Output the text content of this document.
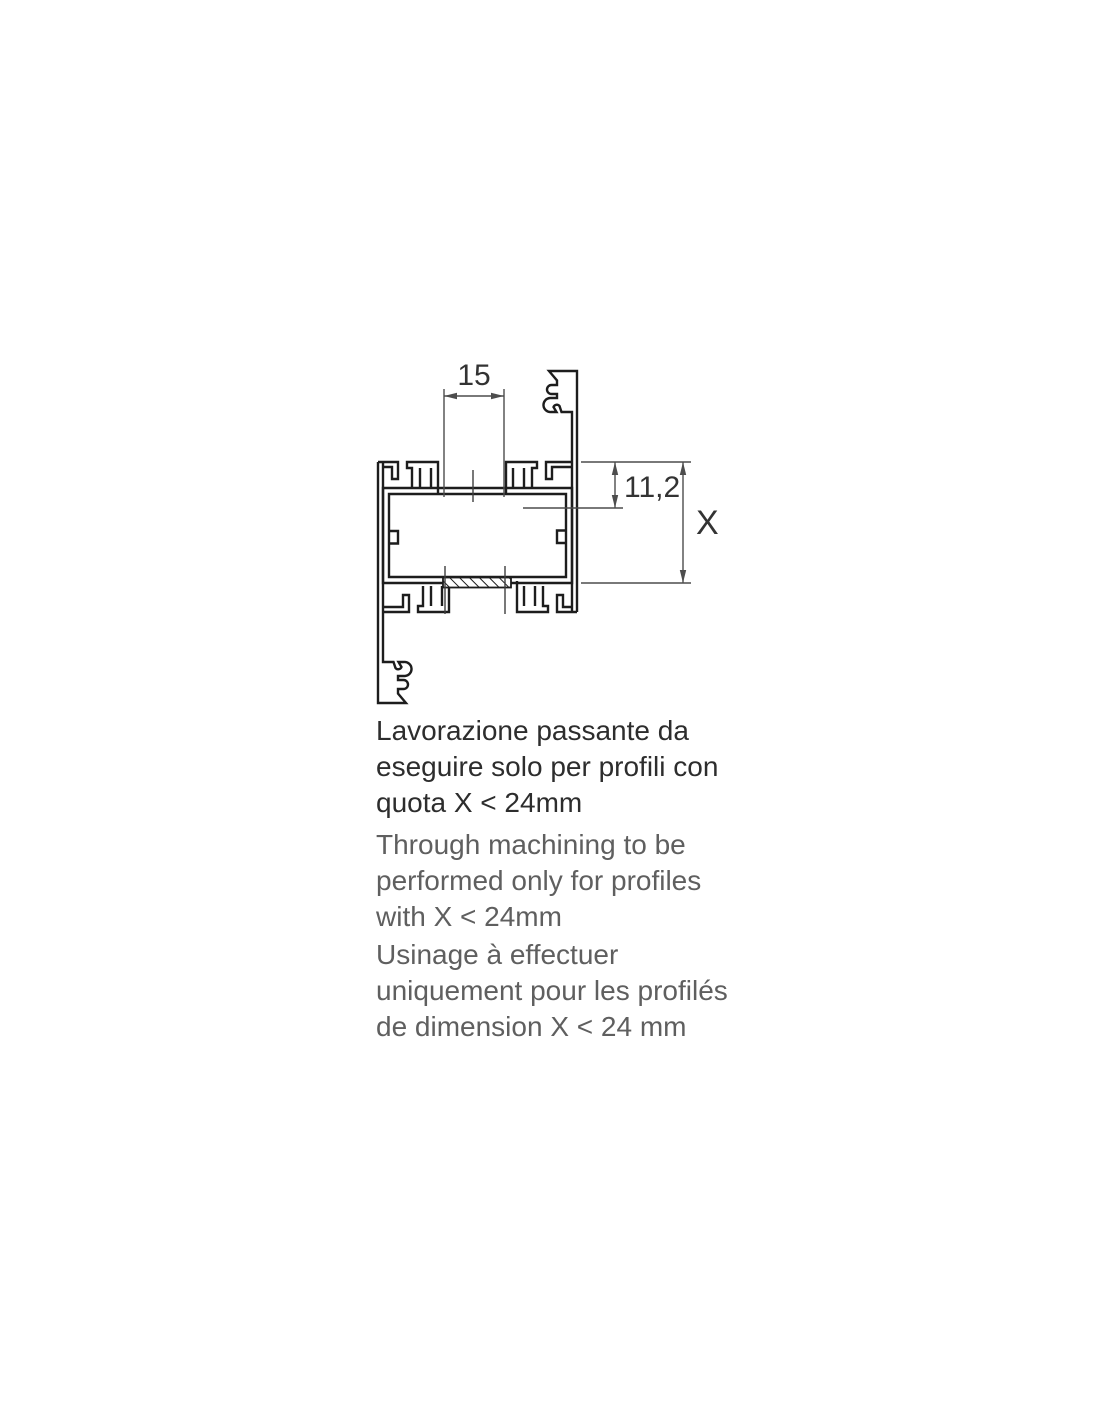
15
11,2
X
Lavorazione passante da
eseguire solo per profili con
quota X < 24mm
Through machining to be
performed only for profiles
with X < 24mm
Usinage à effectuer
uniquement pour les profilés
de dimension X < 24 mm
